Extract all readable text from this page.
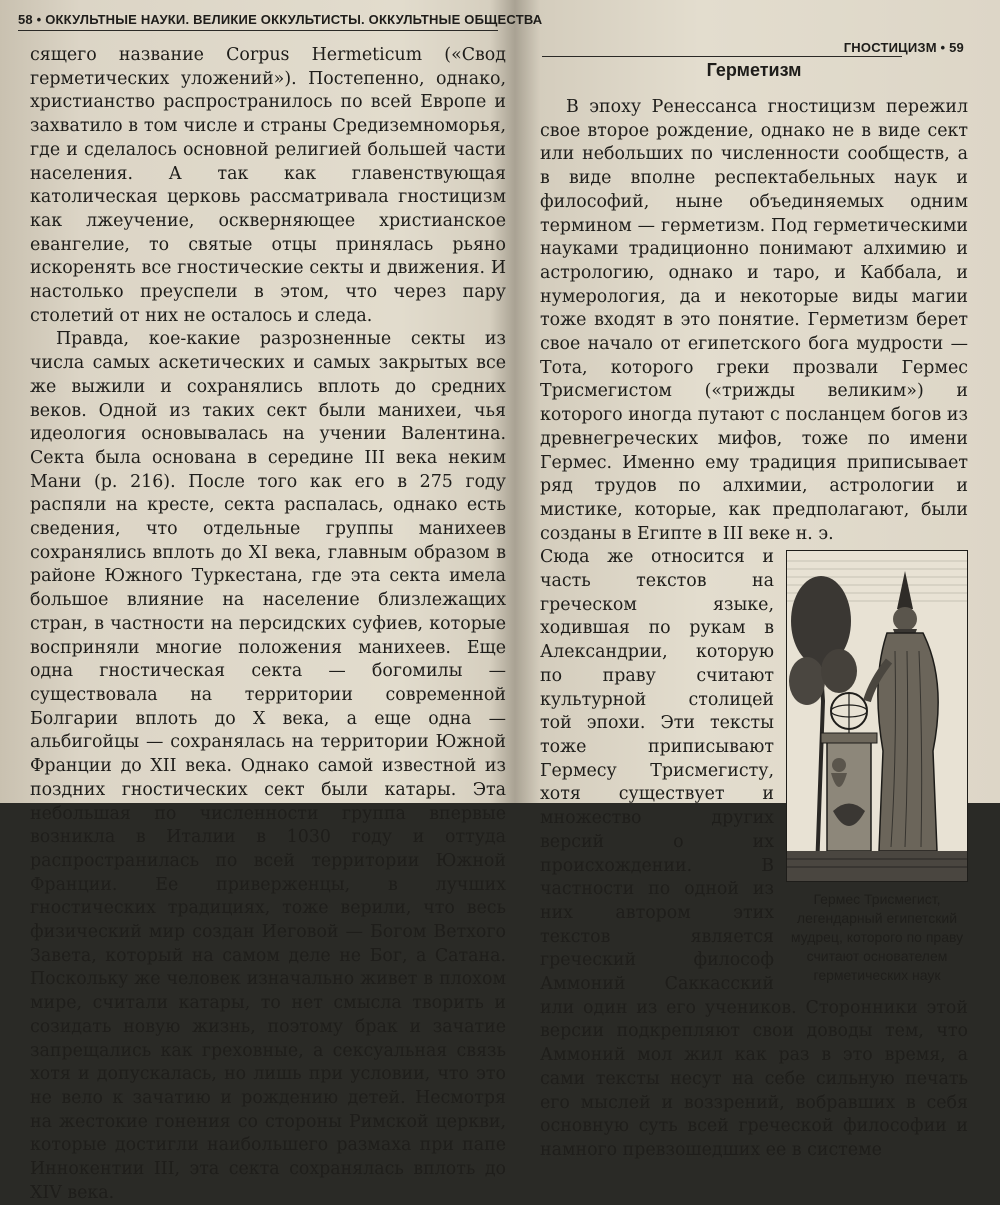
58 • ОККУЛЬТНЫЕ НАУКИ. ВЕЛИКИЕ ОККУЛЬТИСТЫ. ОККУЛЬТНЫЕ ОБЩЕСТВА

сящего название Corpus Hermeticum («Свод герметических уложений»). Постепенно, однако, христианство распространилось по всей Европе и захватило в том числе и страны Средиземноморья, где и сделалось основной религией большей части населения. А так как главенствующая католическая церковь рассматривала гностицизм как лжеучение, оскверняющее христианское евангелие, то святые отцы принялась рьяно искоренять все гностические секты и движения. И настолько преуспели в этом, что через пару столетий от них не осталось и следа.

Правда, кое-какие разрозненные секты из числа самых аскетических и самых закрытых все же выжили и сохранялись вплоть до средних веков. Одной из таких сект были манихеи, чья идеология основывалась на учении Валентина. Секта была основана в середине III века неким Мани (р. 216). После того как его в 275 году распяли на кресте, секта распалась, однако есть сведения, что отдельные группы манихеев сохранялись вплоть до XI века, главным образом в районе Южного Туркестана, где эта секта имела большое влияние на население близлежащих стран, в частности на персидских суфиев, которые восприняли многие положения манихеев. Еще одна гностическая секта — богомилы — существовала на территории современной Болгарии вплоть до X века, а еще одна — альбигойцы — сохранялась на территории Южной Франции до XII века. Однако самой известной из поздних гностических сект были катары. Эта небольшая по численности группа впервые возникла в Италии в 1030 году и оттуда распространилась по всей территории Южной Франции. Ее приверженцы, в лучших гностических традициях, тоже верили, что весь физический мир создан Иеговой — Богом Ветхого Завета, который на самом деле не Бог, а Сатана. Поскольку же человек изначально живет в плохом мире, считали катары, то нет смысла творить и созидать новую жизнь, поэтому брак и зачатие запрещались как греховные, а сексуальная связь хотя и допускалась, но лишь при условии, что это не вело к зачатию и рождению детей. Несмотря на жестокие гонения со стороны Римской церкви, которые достигли наибольшего размаха при папе Иннокентии III, эта секта сохранялась вплоть до XIV века.

ГНОСТИЦИЗМ • 59
Герметизм

В эпоху Ренессанса гностицизм пережил свое второе рождение, однако не в виде сект или небольших по численности сообществ, а в виде вполне респектабельных наук и философий, ныне объединяемых одним термином — герметизм. Под герметическими науками традиционно понимают алхимию и астрологию, однако и таро, и Каббала, и нумерология, да и некоторые виды магии тоже входят в это понятие. Герметизм берет свое начало от египетского бога мудрости — Тота, которого греки прозвали Гермес Трисмегистом («трижды великим») и которого иногда путают с посланцем богов из древнегреческих мифов, тоже по имени Гермес. Именно ему традиция приписывает ряд трудов по алхимии, астрологии и мистике, которые, как предполагают, были созданы в Египте в III веке н. э.

Гермес Трисмегист, легендарный египетский мудрец, которого по праву считают основателем герметических наук

Сюда же относится и часть текстов на греческом языке, ходившая по рукам в Александрии, которую по праву считают культурной столицей той эпохи. Эти тексты тоже приписывают Гермесу Трисмегисту, хотя существует и множество других версий о их происхождении. В частности по одной из них автором этих текстов является греческий философ Аммоний Саккасский или один из его учеников. Сторонники этой версии подкрепляют свои доводы тем, что Аммоний мол жил как раз в это время, а сами тексты несут на себе сильную печать его мыслей и воззрений, вобравших в себя основную суть всей греческой философии и намного превзошедших ее в системе
